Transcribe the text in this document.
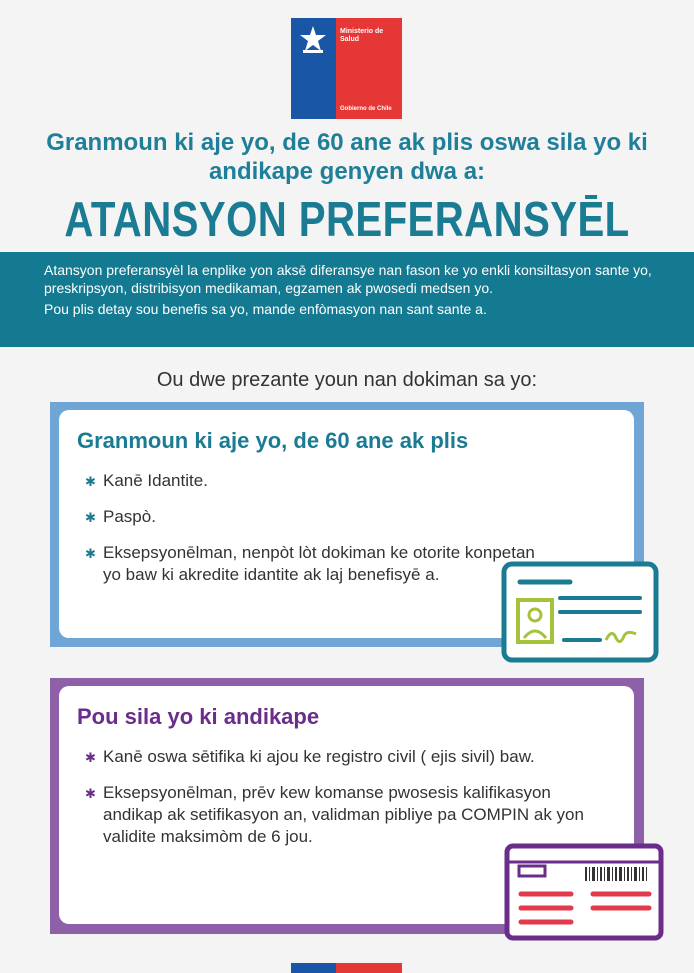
Ministerio de
Salud
Gobierno de Chile
Granmoun ki aje yo, de 60 ane ak plis oswa sila yo ki
andikape genyen dwa a:
ATANSYON PREFERANSYĒL

Atansyon preferansyèl la enplike yon aksē diferansye nan fason ke yo enkli konsiltasyon sante yo, preskripsyon, distribisyon medikaman, egzamen ak pwosedi medsen yo.

Pou plis detay sou benefis sa yo, mande enfòmasyon nan sant sante a.

Ou dwe prezante youn nan dokiman sa yo:
Granmoun ki aje yo, de 60 ane ak plis
✱ Kanē Idantite.
✱ Paspò.
✱ Eksepsyonēlman, nenpòt lòt dokiman ke otorite konpetan yo baw ki akredite idantite ak laj benefisyē a.
Pou sila yo ki andikape
✱ Kanē oswa sētifika ki ajou ke registro civil ( ejis sivil) baw.
✱ Eksepsyonēlman, prēv kew komanse pwosesis kalifikasyon andikap ak setifikasyon an, validman pibliye pa COMPIN ak yon validite maksimòm de 6 jou.
